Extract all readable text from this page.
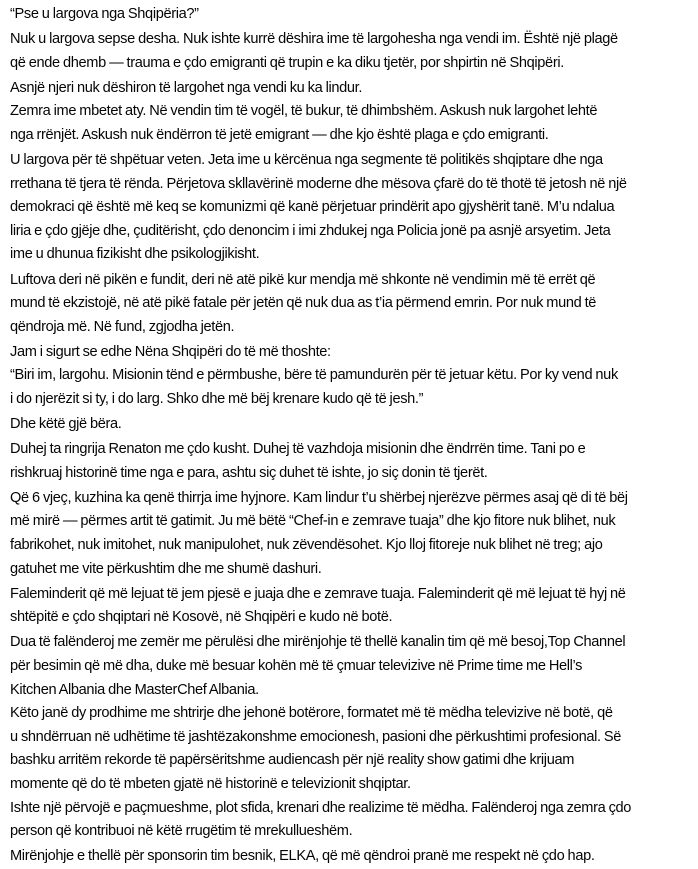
“Pse u largova nga Shqipëria?”
Nuk u largova sepse desha. Nuk ishte kurrë dëshira ime të largohesha nga vendi im. Është një plagë
që ende dhemb — trauma e çdo emigranti që trupin e ka diku tjetër, por shpirtin në Shqipëri.
Asnjë njeri nuk dëshiron të largohet nga vendi ku ka lindur.
Zemra ime mbetet aty. Në vendin tim të vogël, të bukur, të dhimbshëm. Askush nuk largohet lehtë
nga rrënjët. Askush nuk ëndërron të jetë emigrant — dhe kjo është plaga e çdo emigranti.
U largova për të shpëtuar veten. Jeta ime u kërcënua nga segmente të politikës shqiptare dhe nga
rrethana të tjera të rënda. Përjetova skllavërinë moderne dhe mësova çfarë do të thotë të jetosh në një
demokraci që është më keq se komunizmi që kanë përjetuar prindërit apo gjyshërit tanë. M’u ndalua
liria e çdo gjëje dhe, çuditërisht, çdo denoncim i imi zhdukej nga Policia jonë pa asnjë arsyetim. Jeta
ime u dhunua fizikisht dhe psikologjikisht.
Luftova deri në pikën e fundit, deri në atë pikë kur mendja më shkonte në vendimin më të errët që
mund të ekzistojë, në atë pikë fatale për jetën që nuk dua as t’ia përmend emrin. Por nuk mund të
qëndroja më. Në fund, zgjodha jetën.
Jam i sigurt se edhe Nëna Shqipëri do të më thoshte:
“Biri im, largohu. Misionin tënd e përmbushe, bëre të pamundurën për të jetuar këtu. Por ky vend nuk
i do njerëzit si ty, i do larg. Shko dhe më bëj krenare kudo që të jesh.”
Dhe këtë gjë bëra.
Duhej ta ringrija Renaton me çdo kusht. Duhej të vazhdoja misionin dhe ëndrrën time. Tani po e
rishkruaj historinë time nga e para, ashtu siç duhet të ishte, jo siç donin të tjerët.
Që 6 vjeç, kuzhina ka qenë thirrja ime hyjnore. Kam lindur t’u shërbej njerëzve përmes asaj që di të bëj
më mirë — përmes artit të gatimit. Ju më bëtë “Chef-in e zemrave tuaja” dhe kjo fitore nuk blihet, nuk
fabrikohet, nuk imitohet, nuk manipulohet, nuk zëvendësohet. Kjo lloj fitoreje nuk blihet në treg; ajo
gatuhet me vite përkushtim dhe me shumë dashuri.
Faleminderit që më lejuat të jem pjesë e juaja dhe e zemrave tuaja. Faleminderit që më lejuat të hyj në
shtëpitë e çdo shqiptari në Kosovë, në Shqipëri e kudo në botë.
Dua të falënderoj me zemër me përulësi dhe mirënjohje të thellë kanalin tim që më besoj,Top Channel
për besimin që më dha, duke më besuar kohën më të çmuar televizive në Prime time me Hell’s
Kitchen Albania dhe MasterChef Albania.
Këto janë dy prodhime me shtrirje dhe jehonë botërore, formatet më të mëdha televizive në botë, që
u shndërruan në udhëtime të jashtëzakonshme emocionesh, pasioni dhe përkushtimi profesional. Së
bashku arritëm rekorde të papërsëritshme audiencash për një reality show gatimi dhe krijuam
momente që do të mbeten gjatë në historinë e televizionit shqiptar.
Ishte një përvojë e paçmueshme, plot sfida, krenari dhe realizime të mëdha. Falënderoj nga zemra çdo
person që kontribuoi në këtë rrugëtim të mrekullueshëm.
Mirënjohje e thellë për sponsorin tim besnik, ELKA, që më qëndroi pranë me respekt në çdo hap.
